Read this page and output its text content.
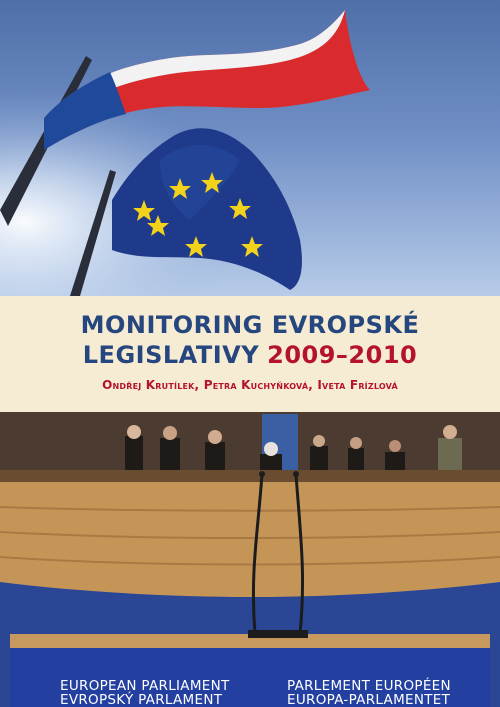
MONITORING EVROPSKÉ
LEGISLATIVY 2009–2010
Ondřej Krutílek, Petra Kuchyňková, Iveta Frízlová
EUROPEAN PARLIAMENT
EVROPSKÝ PARLAMENT
PARLEMENT EUROPÉEN
EUROPA-PARLAMENTET
